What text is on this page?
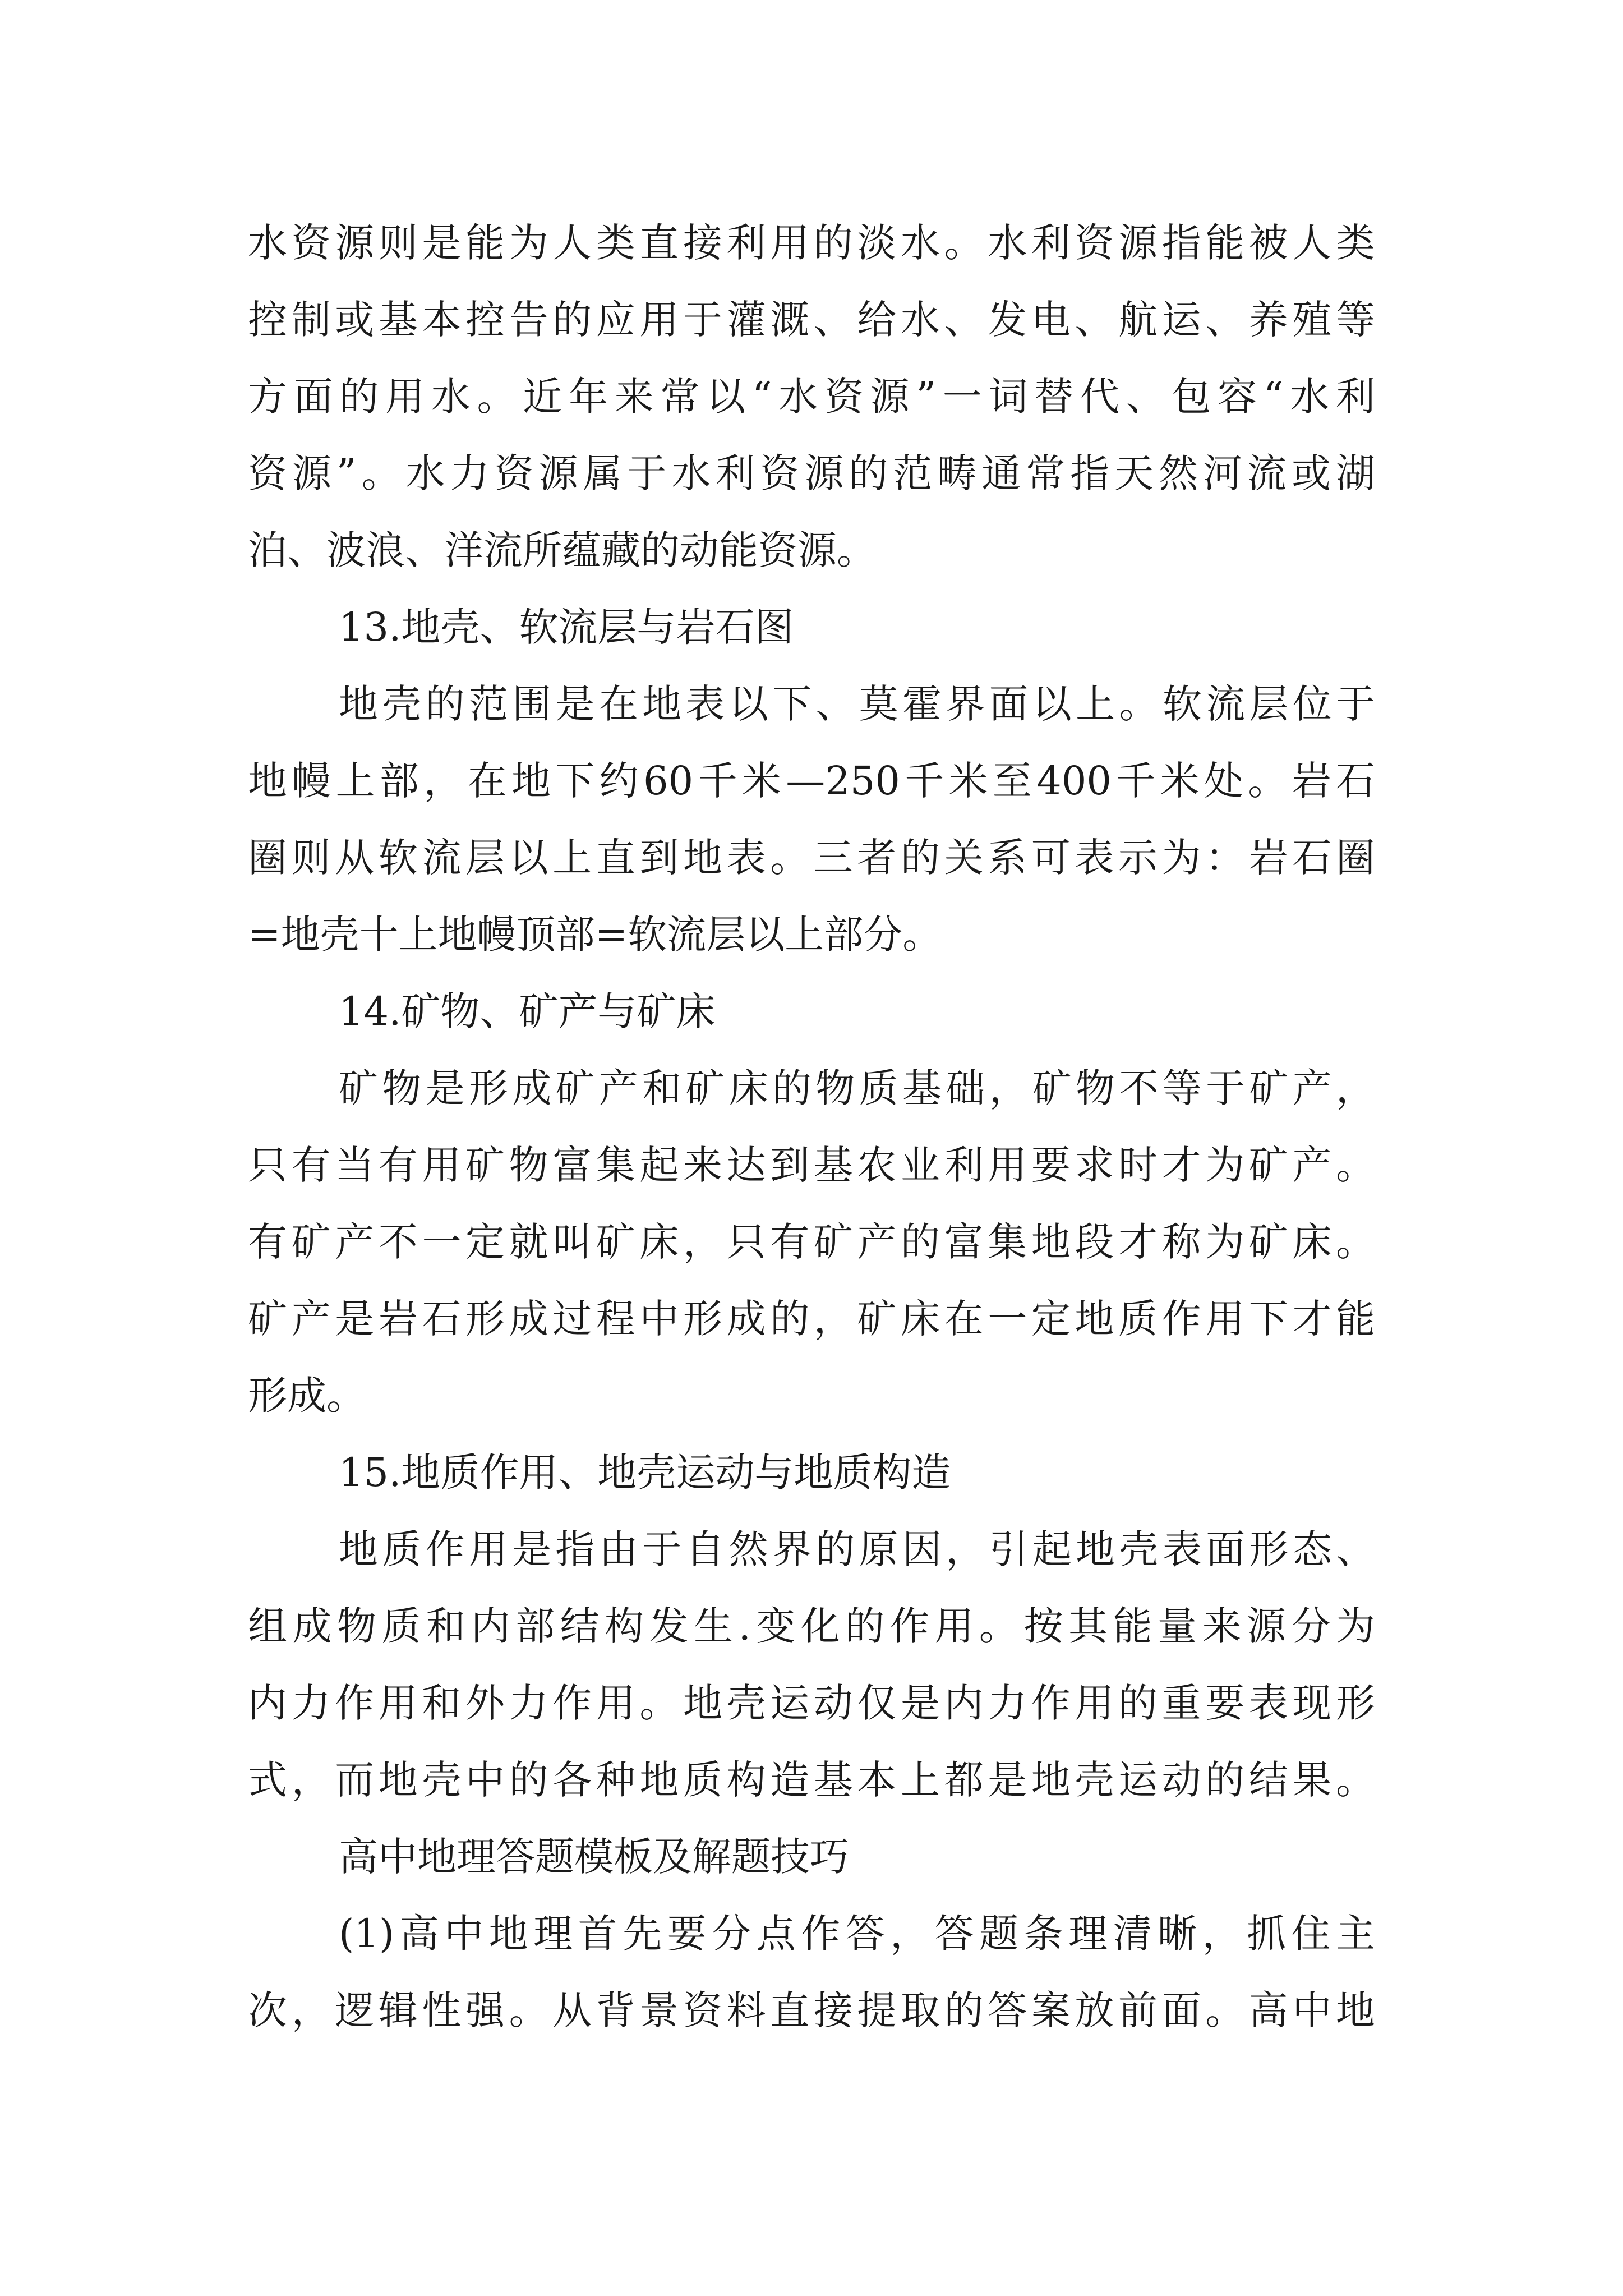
水资源则是能为人类直接利用的淡水。水利资源指能被人类
控制或基本控告的应用于灌溉、给水、发电、航运、养殖等
方面的用水。近年来常以“水资源”一词替代、包容“水利
资源”。水力资源属于水利资源的范畴通常指天然河流或湖
泊、波浪、洋流所蕴藏的动能资源。
13.地壳、软流层与岩石图
地壳的范围是在地表以下、莫霍界面以上。软流层位于
地幔上部，在地下约60千米—250千米至400千米处。岩石
圈则从软流层以上直到地表。三者的关系可表示为：岩石圈
=地壳十上地幔顶部=软流层以上部分。
14.矿物、矿产与矿床
矿物是形成矿产和矿床的物质基础，矿物不等于矿产，
只有当有用矿物富集起来达到基农业利用要求时才为矿产。
有矿产不一定就叫矿床，只有矿产的富集地段才称为矿床。
矿产是岩石形成过程中形成的，矿床在一定地质作用下才能
形成。
15.地质作用、地壳运动与地质构造
地质作用是指由于自然界的原因，引起地壳表面形态、
组成物质和内部结构发生.变化的作用。按其能量来源分为
内力作用和外力作用。地壳运动仅是内力作用的重要表现形
式，而地壳中的各种地质构造基本上都是地壳运动的结果。
高中地理答题模板及解题技巧
(1)高中地理首先要分点作答，答题条理清晰，抓住主
次，逻辑性强。从背景资料直接提取的答案放前面。高中地
